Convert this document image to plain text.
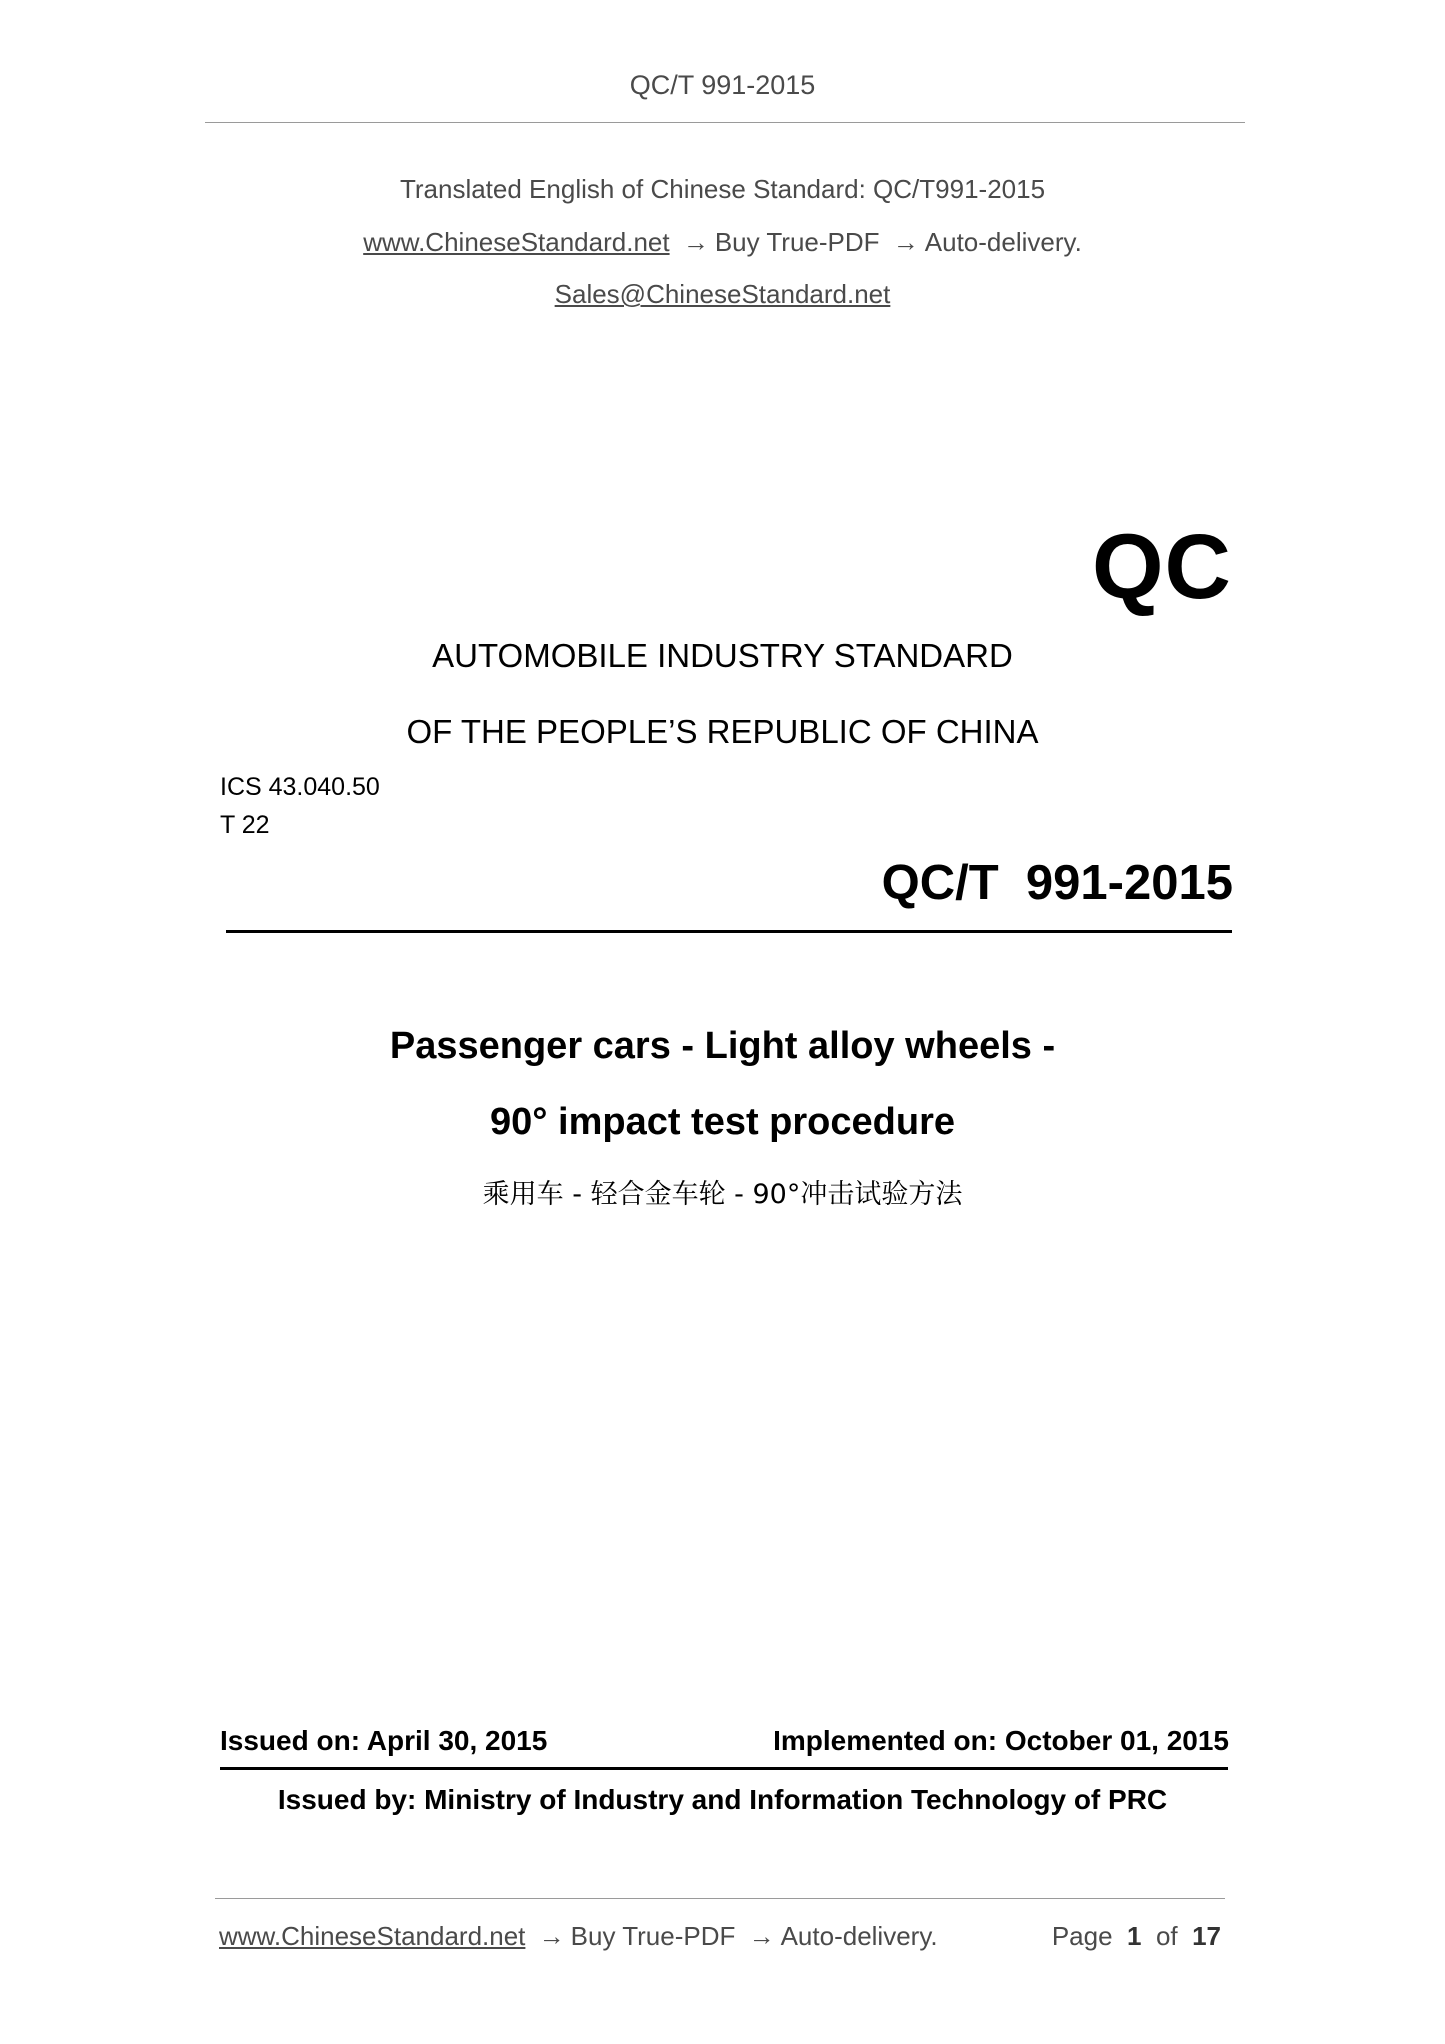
QC/T 991-2015
Translated English of Chinese Standard: QC/T991-2015
www.ChineseStandard.net → Buy True-PDF → Auto-delivery.
Sales@ChineseStandard.net
QC
AUTOMOBILE INDUSTRY STANDARD
OF THE PEOPLE’S REPUBLIC OF CHINA
ICS 43.040.50
T 22
QC/T  991-2015
Passenger cars - Light alloy wheels -
90° impact test procedure
乘用车 - 轻合金车轮 - 90°冲击试验方法
Issued on: April 30, 2015	Implemented on: October 01, 2015
Issued by: Ministry of Industry and Information Technology of PRC
www.ChineseStandard.net → Buy True-PDF → Auto-delivery.	Page 1 of 17
